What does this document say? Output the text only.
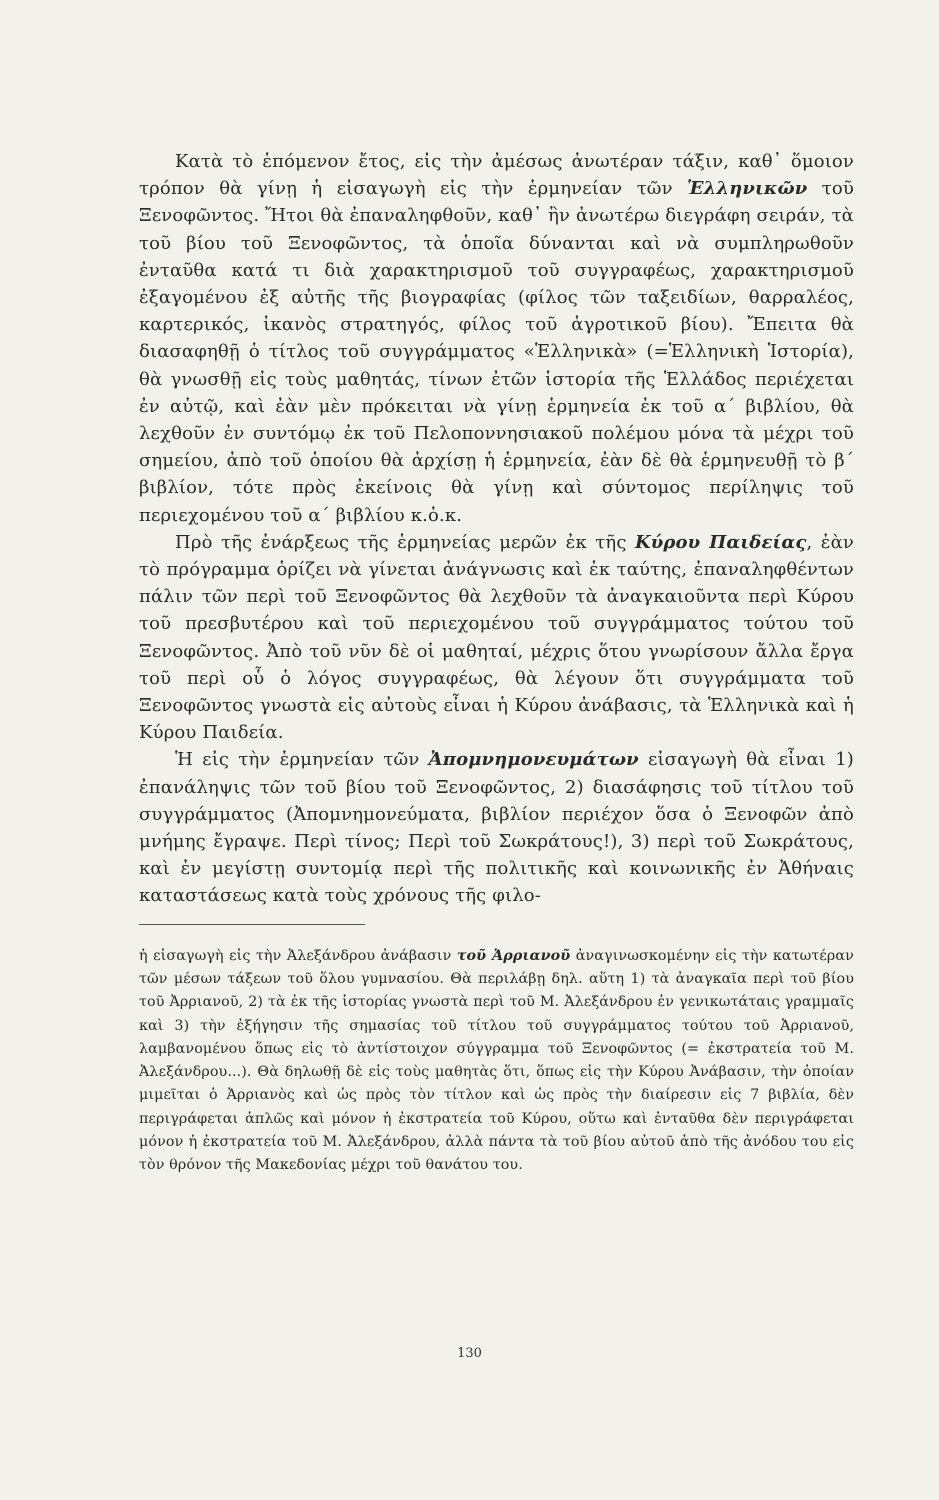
Κατὰ τὸ ἑπόμενον ἔτος, εἰς τὴν ἀμέσως ἀνωτέραν τάξιν, καθ᾿ ὅμοιον τρόπον θὰ γίνῃ ἡ εἰσαγωγὴ εἰς τὴν ἑρμηνείαν τῶν Ἑλληνικῶν τοῦ Ξενοφῶντος. Ἤτοι θὰ ἐπαναληφθοῦν, καθ᾿ ἣν ἀνωτέρω διεγράφη σειράν, τὰ τοῦ βίου τοῦ Ξενοφῶντος, τὰ ὁποῖα δύνανται καὶ νὰ συμπληρωθοῦν ἐνταῦθα κατά τι διὰ χαρακτηρισμοῦ τοῦ συγγραφέως, χαρακτηρισμοῦ ἐξαγομένου ἐξ αὐτῆς τῆς βιογραφίας (φίλος τῶν ταξειδίων, θαρραλέος, καρτερικός, ἱκανὸς στρατηγός, φίλος τοῦ ἀγροτικοῦ βίου). Ἔπειτα θὰ διασαφηθῇ ὁ τίτλος τοῦ συγγράμματος «Ἑλληνικὰ» (=Ἑλληνικὴ Ἱστορία), θὰ γνωσθῇ εἰς τοὺς μαθητάς, τίνων ἐτῶν ἱστορία τῆς Ἑλλάδος περιέχεται ἐν αὐτῷ, καὶ ἐὰν μὲν πρόκειται νὰ γίνῃ ἑρμηνεία ἐκ τοῦ α΄ βιβλίου, θὰ λεχθοῦν ἐν συντόμῳ ἐκ τοῦ Πελοποννησιακοῦ πολέμου μόνα τὰ μέχρι τοῦ σημείου, ἀπὸ τοῦ ὁποίου θὰ ἀρχίσῃ ἡ ἑρμηνεία, ἐὰν δὲ θὰ ἑρμηνευθῇ τὸ β΄ βιβλίον, τότε πρὸς ἐκείνοις θὰ γίνῃ καὶ σύντομος περίληψις τοῦ περιεχομένου τοῦ α΄ βιβλίου κ.ὁ.κ.

Πρὸ τῆς ἐνάρξεως τῆς ἑρμηνείας μερῶν ἐκ τῆς Κύρου Παιδείας, ἐὰν τὸ πρόγραμμα ὁρίζει νὰ γίνεται ἀνάγνωσις καὶ ἐκ ταύτης, ἐπαναληφθέντων πάλιν τῶν περὶ τοῦ Ξενοφῶντος θὰ λεχθοῦν τὰ ἀναγκαιοῦντα περὶ Κύρου τοῦ πρεσβυτέρου καὶ τοῦ περιεχομένου τοῦ συγγράμματος τούτου τοῦ Ξενοφῶντος. Ἀπὸ τοῦ νῦν δὲ οἱ μαθηταί, μέχρις ὅτου γνωρίσουν ἄλλα ἔργα τοῦ περὶ οὗ ὁ λόγος συγγραφέως, θὰ λέγουν ὅτι συγγράμματα τοῦ Ξενοφῶντος γνωστὰ εἰς αὐτοὺς εἶναι ἡ Κύρου ἀνάβασις, τὰ Ἑλληνικὰ καὶ ἡ Κύρου Παιδεία.

Ἡ εἰς τὴν ἑρμηνείαν τῶν Ἀπομνημονευμάτων εἰσαγωγὴ θὰ εἶναι 1) ἐπανάληψις τῶν τοῦ βίου τοῦ Ξενοφῶντος, 2) διασάφησις τοῦ τίτλου τοῦ συγγράμματος (Ἀπομνημονεύματα, βιβλίον περιέχον ὅσα ὁ Ξενοφῶν ἀπὸ μνήμης ἔγραψε. Περὶ τίνος; Περὶ τοῦ Σωκράτους!), 3) περὶ τοῦ Σωκράτους, καὶ ἐν μεγίστῃ συντομίᾳ περὶ τῆς πολιτικῆς καὶ κοινωνικῆς ἐν Ἀθήναις καταστάσεως κατὰ τοὺς χρόνους τῆς φιλο-

ἡ εἰσαγωγὴ εἰς τὴν Ἀλεξάνδρου ἀνάβασιν τοῦ Ἀρριανοῦ ἀναγινωσκομένην εἰς τὴν κατωτέραν τῶν μέσων τάξεων τοῦ ὅλου γυμνασίου. Θὰ περιλάβῃ δηλ. αὕτη 1) τὰ ἀναγκαῖα περὶ τοῦ βίου τοῦ Ἀρριανοῦ, 2) τὰ ἐκ τῆς ἱστορίας γνωστὰ περὶ τοῦ Μ. Ἀλεξάνδρου ἐν γενικωτάταις γραμμαῖς καὶ 3) τὴν ἐξήγησιν τῆς σημασίας τοῦ τίτλου τοῦ συγγράμματος τούτου τοῦ Ἀρριανοῦ, λαμβανομένου ὅπως εἰς τὸ ἀντίστοιχον σύγγραμμα τοῦ Ξενοφῶντος (= ἐκστρατεία τοῦ Μ. Ἀλεξάνδρου...). Θὰ δηλωθῇ δὲ εἰς τοὺς μαθητὰς ὅτι, ὅπως εἰς τὴν Κύρου Ἀνάβασιν, τὴν ὁποίαν μιμεῖται ὁ Ἀρριανὸς καὶ ὡς πρὸς τὸν τίτλον καὶ ὡς πρὸς τὴν διαίρεσιν εἰς 7 βιβλία, δὲν περιγράφεται ἁπλῶς καὶ μόνον ἡ ἐκστρατεία τοῦ Κύρου, οὕτω καὶ ἐνταῦθα δὲν περιγράφεται μόνον ἡ ἐκστρατεία τοῦ Μ. Ἀλεξάνδρου, ἀλλὰ πάντα τὰ τοῦ βίου αὐτοῦ ἀπὸ τῆς ἀνόδου του εἰς τὸν θρόνον τῆς Μακεδονίας μέχρι τοῦ θανάτου του.

130
